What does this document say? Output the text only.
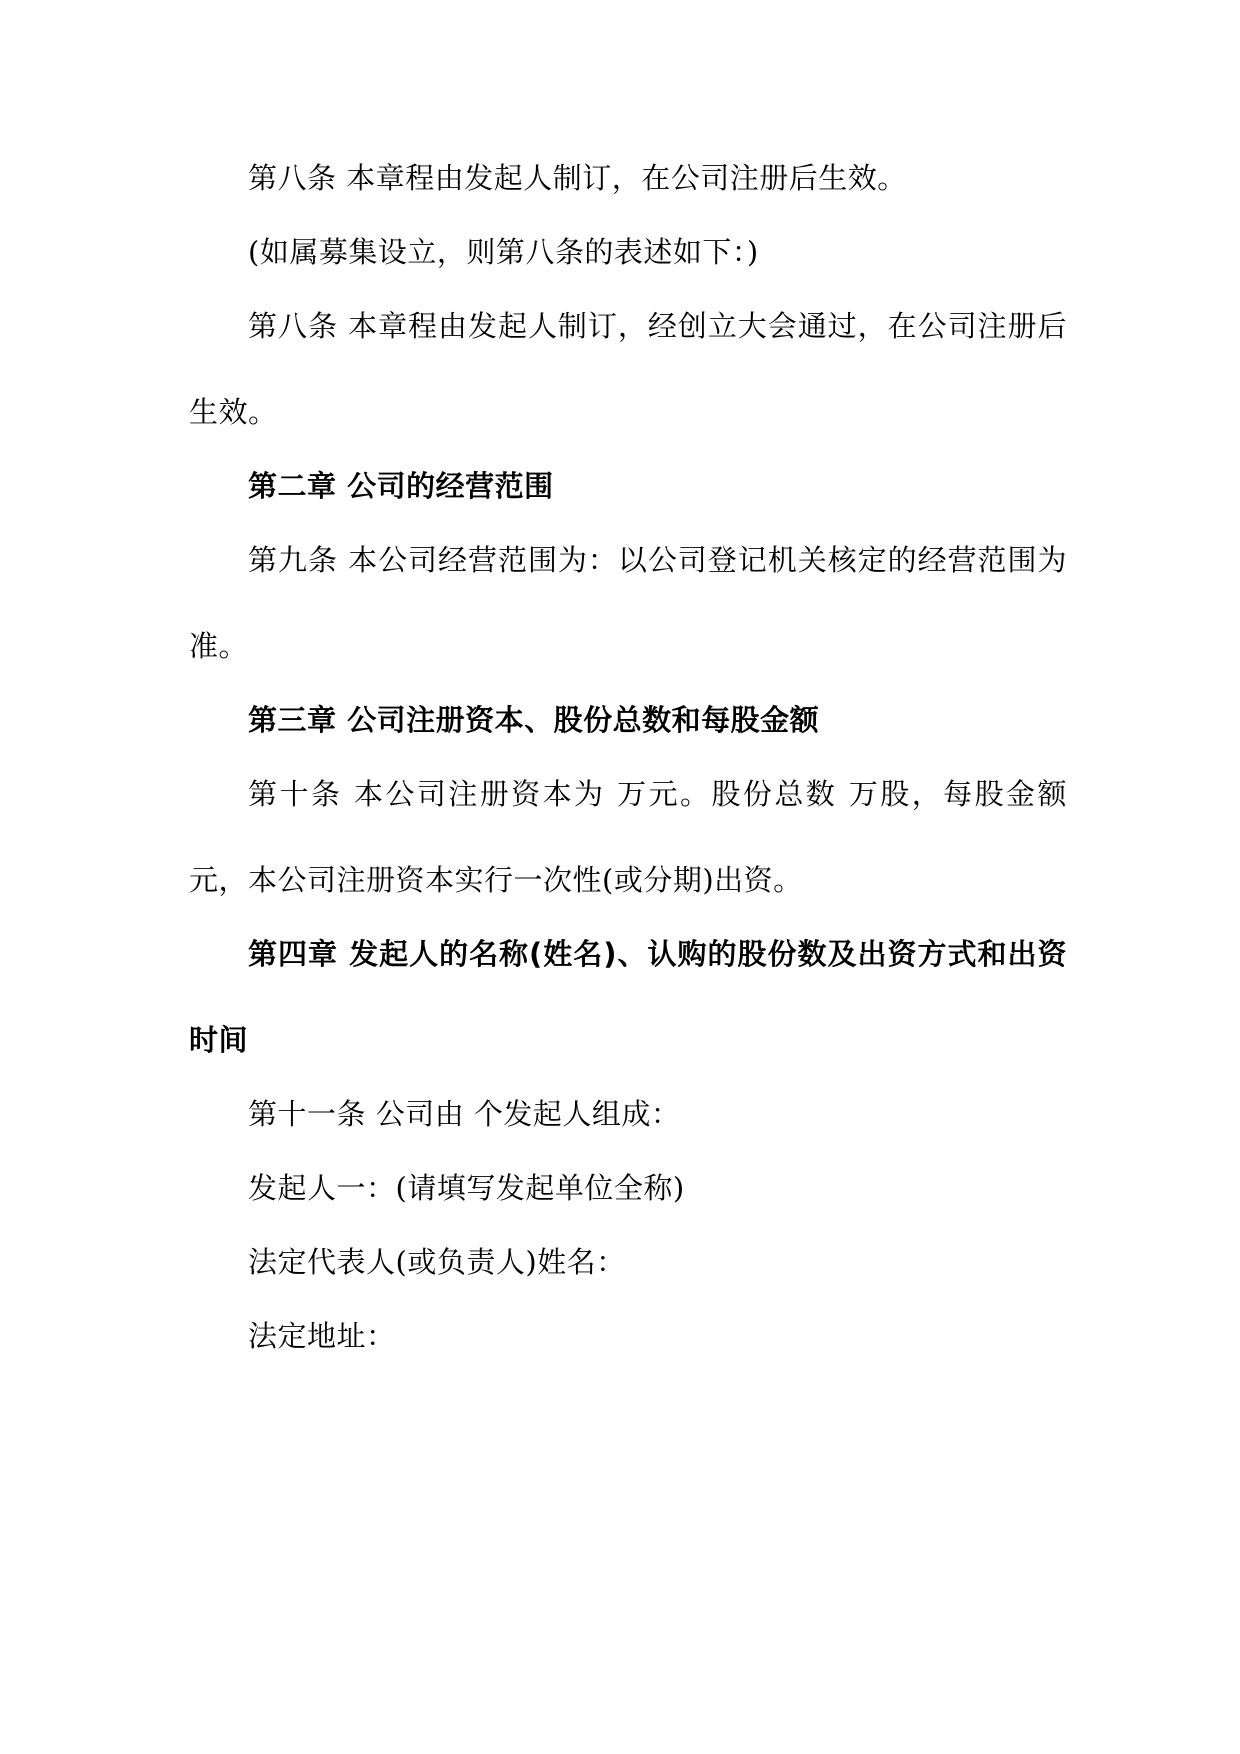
第八条 本章程由发起人制订，在公司注册后生效。
(如属募集设立，则第八条的表述如下：)
第八条 本章程由发起人制订，经创立大会通过，在公司注册后
生效。
第二章 公司的经营范围
第九条 本公司经营范围为：以公司登记机关核定的经营范围为
准。
第三章 公司注册资本、股份总数和每股金额
第十条 本公司注册资本为 万元。股份总数 万股，每股金额
元，本公司注册资本实行一次性(或分期)出资。
第四章 发起人的名称(姓名)、认购的股份数及出资方式和出资
时间
第十一条 公司由 个发起人组成：
发起人一：(请填写发起单位全称)
法定代表人(或负责人)姓名：
法定地址：
